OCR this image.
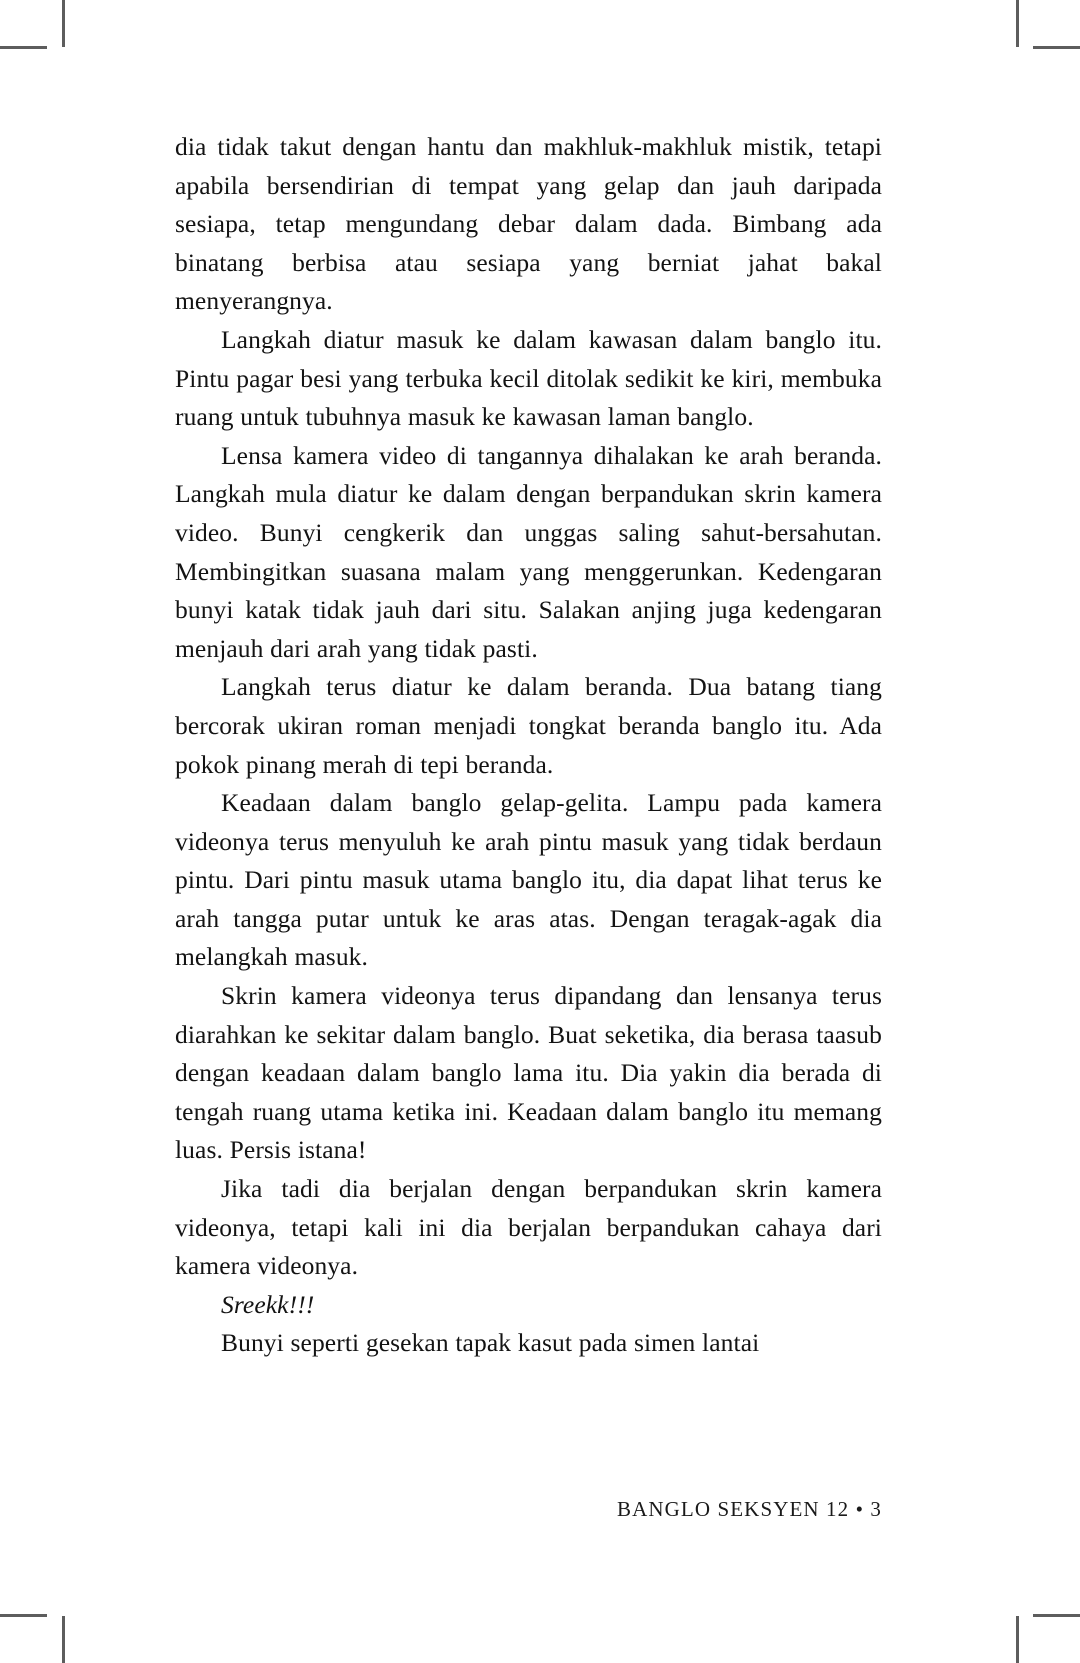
dia tidak takut dengan hantu dan makhluk-makhluk mistik, tetapi apabila bersendirian di tempat yang gelap dan jauh daripada sesiapa, tetap mengundang debar dalam dada. Bimbang ada binatang berbisa atau sesiapa yang berniat jahat bakal menyerangnya.

Langkah diatur masuk ke dalam kawasan dalam banglo itu. Pintu pagar besi yang terbuka kecil ditolak sedikit ke kiri, membuka ruang untuk tubuhnya masuk ke kawasan laman banglo.

Lensa kamera video di tangannya dihalakan ke arah beranda. Langkah mula diatur ke dalam dengan berpandukan skrin kamera video. Bunyi cengkerik dan unggas saling sahut-bersahutan. Membingitkan suasana malam yang menggerunkan. Kedengaran bunyi katak tidak jauh dari situ. Salakan anjing juga kedengaran menjauh dari arah yang tidak pasti.

Langkah terus diatur ke dalam beranda. Dua batang tiang bercorak ukiran roman menjadi tongkat beranda banglo itu. Ada pokok pinang merah di tepi beranda.

Keadaan dalam banglo gelap-gelita. Lampu pada kamera videonya terus menyuluh ke arah pintu masuk yang tidak berdaun pintu. Dari pintu masuk utama banglo itu, dia dapat lihat terus ke arah tangga putar untuk ke aras atas. Dengan teragak-agak dia melangkah masuk.

Skrin kamera videonya terus dipandang dan lensanya terus diarahkan ke sekitar dalam banglo. Buat seketika, dia berasa taasub dengan keadaan dalam banglo lama itu. Dia yakin dia berada di tengah ruang utama ketika ini. Keadaan dalam banglo itu memang luas. Persis istana!

Jika tadi dia berjalan dengan berpandukan skrin kamera videonya, tetapi kali ini dia berjalan berpandukan cahaya dari kamera videonya.

Sreekk!!!

Bunyi seperti gesekan tapak kasut pada simen lantai

BANGLO SEKSYEN 12 • 3
